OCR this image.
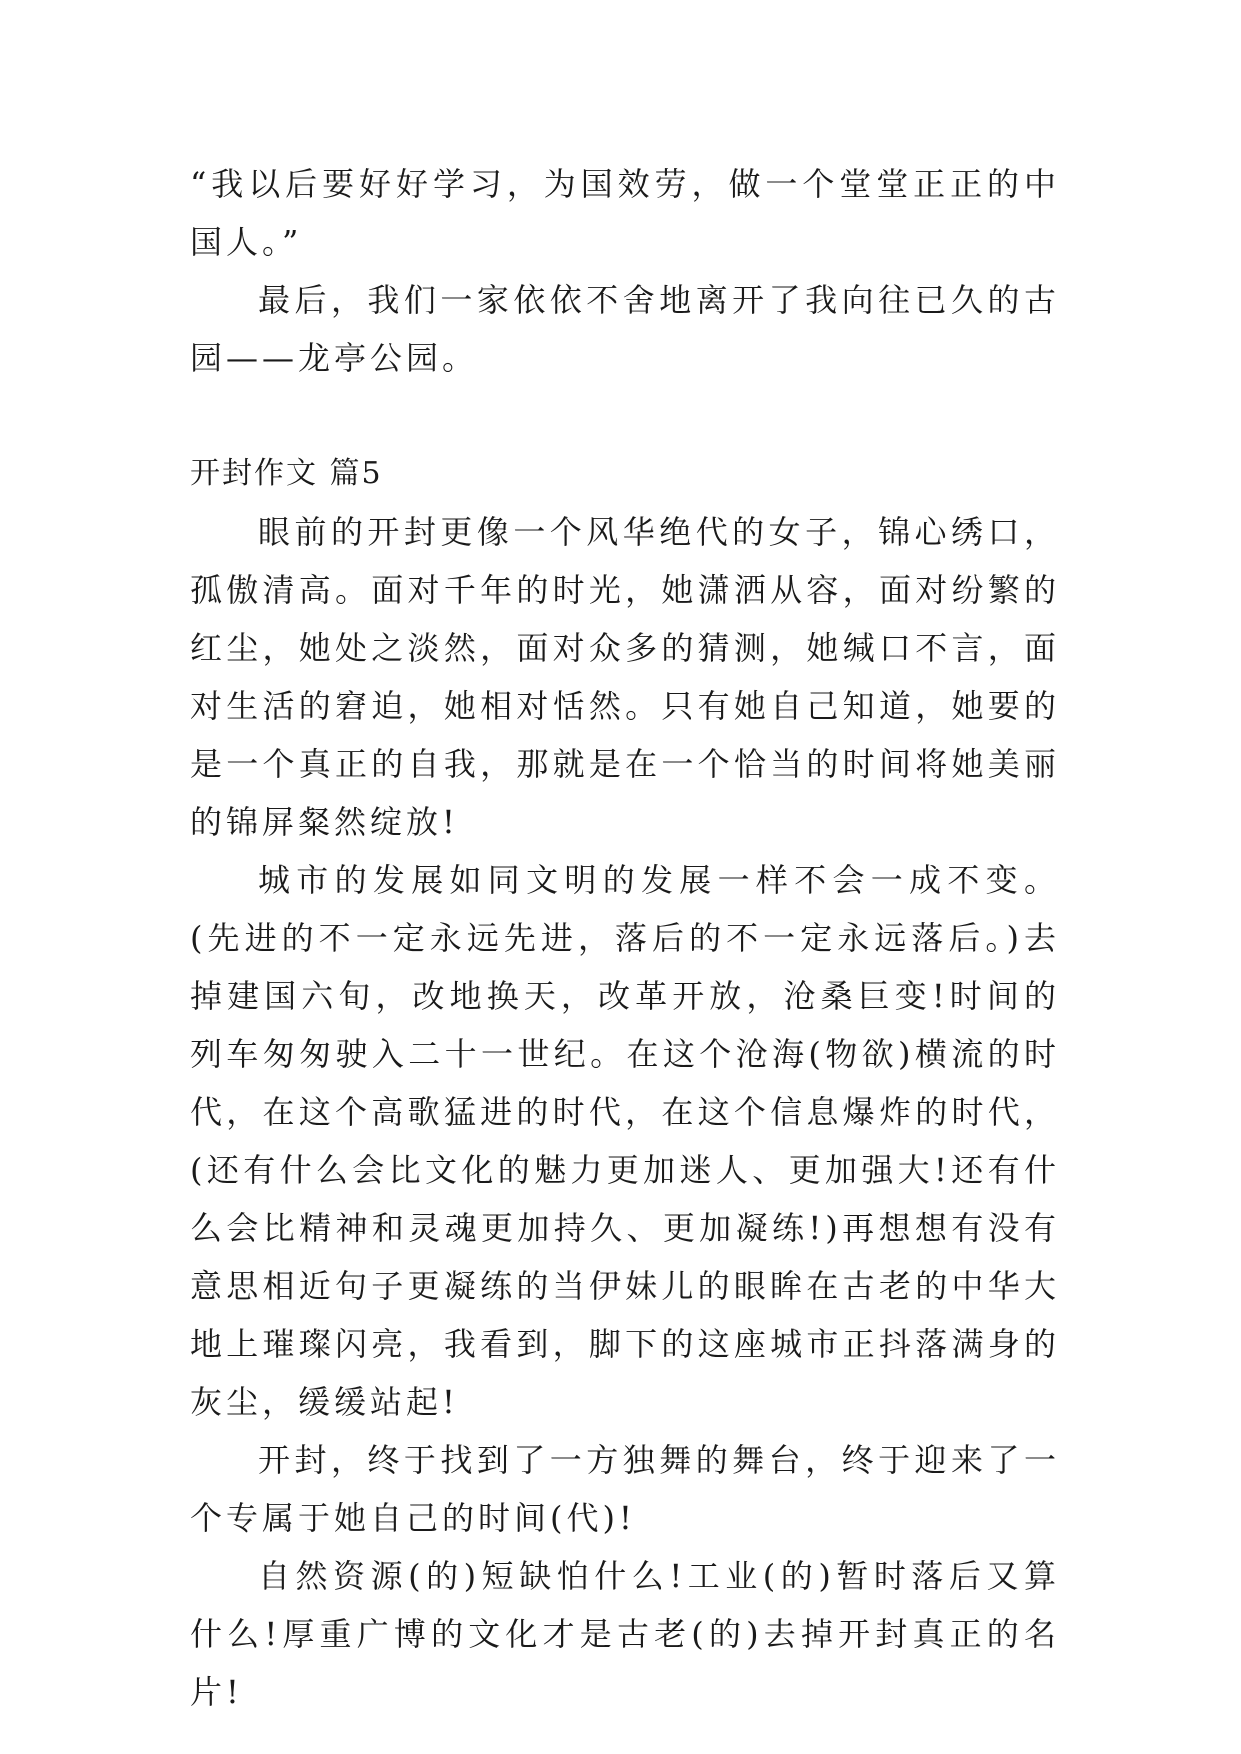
“我以后要好好学习，为国效劳，做一个堂堂正正的中国人。”

最后，我们一家依依不舍地离开了我向往已久的古园——龙亭公园。

开封作文 篇5

眼前的开封更像一个风华绝代的女子，锦心绣口，孤傲清高。面对千年的时光，她潇洒从容，面对纷繁的红尘，她处之淡然，面对众多的猜测，她缄口不言，面对生活的窘迫，她相对恬然。只有她自己知道，她要的是一个真正的自我，那就是在一个恰当的时间将她美丽的锦屏粲然绽放!

城市的发展如同文明的发展一样不会一成不变。(先进的不一定永远先进，落后的不一定永远落后。)去掉建国六旬，改地换天，改革开放，沧桑巨变!时间的列车匆匆驶入二十一世纪。在这个沧海(物欲)横流的时代，在这个高歌猛进的时代，在这个信息爆炸的时代，(还有什么会比文化的魅力更加迷人、更加强大!还有什么会比精神和灵魂更加持久、更加凝练!)再想想有没有意思相近句子更凝练的当伊妹儿的眼眸在古老的中华大地上璀璨闪亮，我看到，脚下的这座城市正抖落满身的灰尘，缓缓站起!

开封，终于找到了一方独舞的舞台，终于迎来了一个专属于她自己的时间(代)!

自然资源(的)短缺怕什么!工业(的)暂时落后又算什么!厚重广博的文化才是古老(的)去掉开封真正的名片!
